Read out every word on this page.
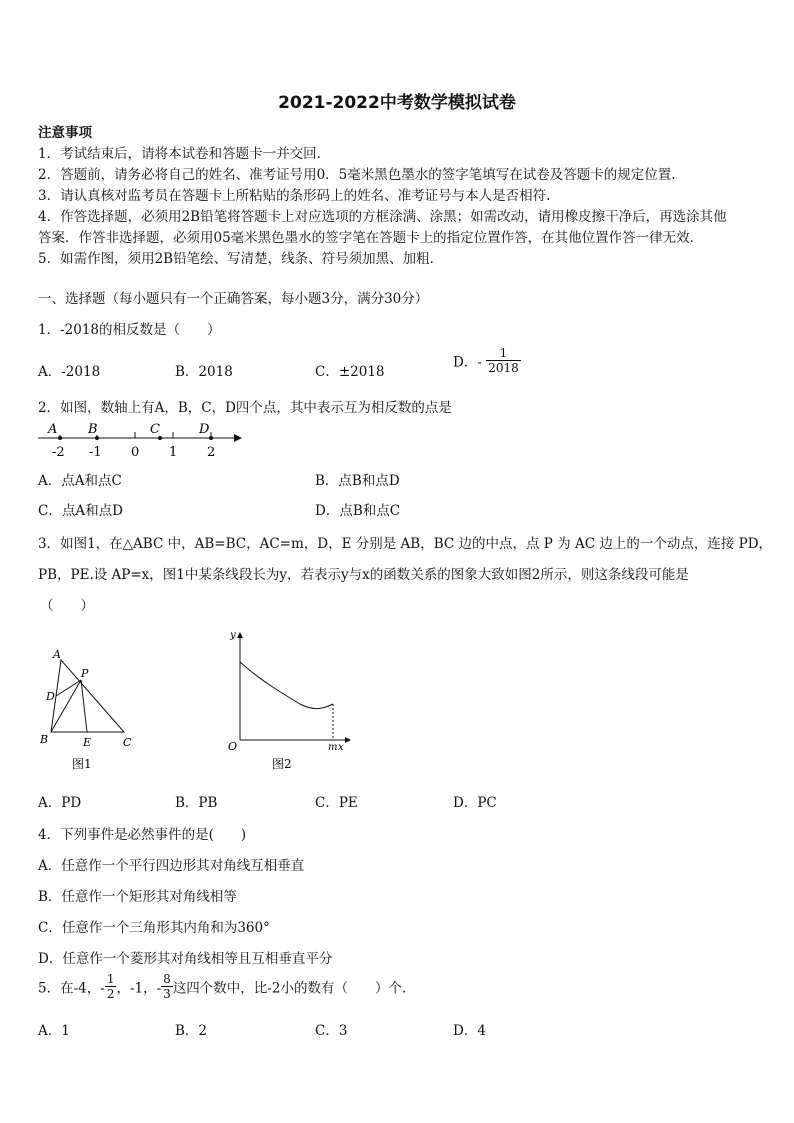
2021-2022中考数学模拟试卷
注意事项
1．考试结束后，请将本试卷和答题卡一并交回.
2．答题前，请务必将自己的姓名、准考证号用0．5毫米黑色墨水的签字笔填写在试卷及答题卡的规定位置.
3．请认真核对监考员在答题卡上所粘贴的条形码上的姓名、准考证号与本人是否相符.
4．作答选择题，必须用2B铅笔将答题卡上对应选项的方框涂满、涂黑；如需改动，请用橡皮擦干净后，再选涂其他
答案．作答非选择题，必须用05毫米黑色墨水的签字笔在答题卡上的指定位置作答，在其他位置作答一律无效．
5．如需作图，须用2B铅笔绘、写清楚，线条、符号须加黑、加粗．
一、选择题（每小题只有一个正确答案，每小题3分，满分30分）
1．-2018的相反数是（　　）
A．-2018	B．2018	C．±2018
D．- $\frac{1}{2018}$
2．如图，数轴上有A，B，C，D四个点，其中表示互为相反数的点是
A B	C	D
-2 -1 0 1 2
A．点A和点C	B．点B和点D
C．点A和点D	D．点B和点C
3．如图1，在△ABC 中，AB=BC，AC=m，D，E 分别是 AB，BC 边的中点，点 P 为 AC 边上的一个动点，连接 PD，
PB，PE.设 AP=x，图1中某条线段长为y，若表示y与x的函数关系的图象大致如图2所示，则这条线段可能是
（　　）
A
P
D
B	E	C
图1
y
O	m x
图2
A．PD	B．PB	C．PE	D．PC
4．下列事件是必然事件的是(　　)
A．任意作一个平行四边形其对角线互相垂直
B．任意作一个矩形其对角线相等
C．任意作一个三角形其内角和为360°
D．任意作一个菱形其对角线相等且互相垂直平分
5．在-4，- $\frac{1}{2}$ ，-1，- $\frac{8}{3}$ 这四个数中，比-2小的数有（　　）个.
A．1	B．2	C．3	D．4
